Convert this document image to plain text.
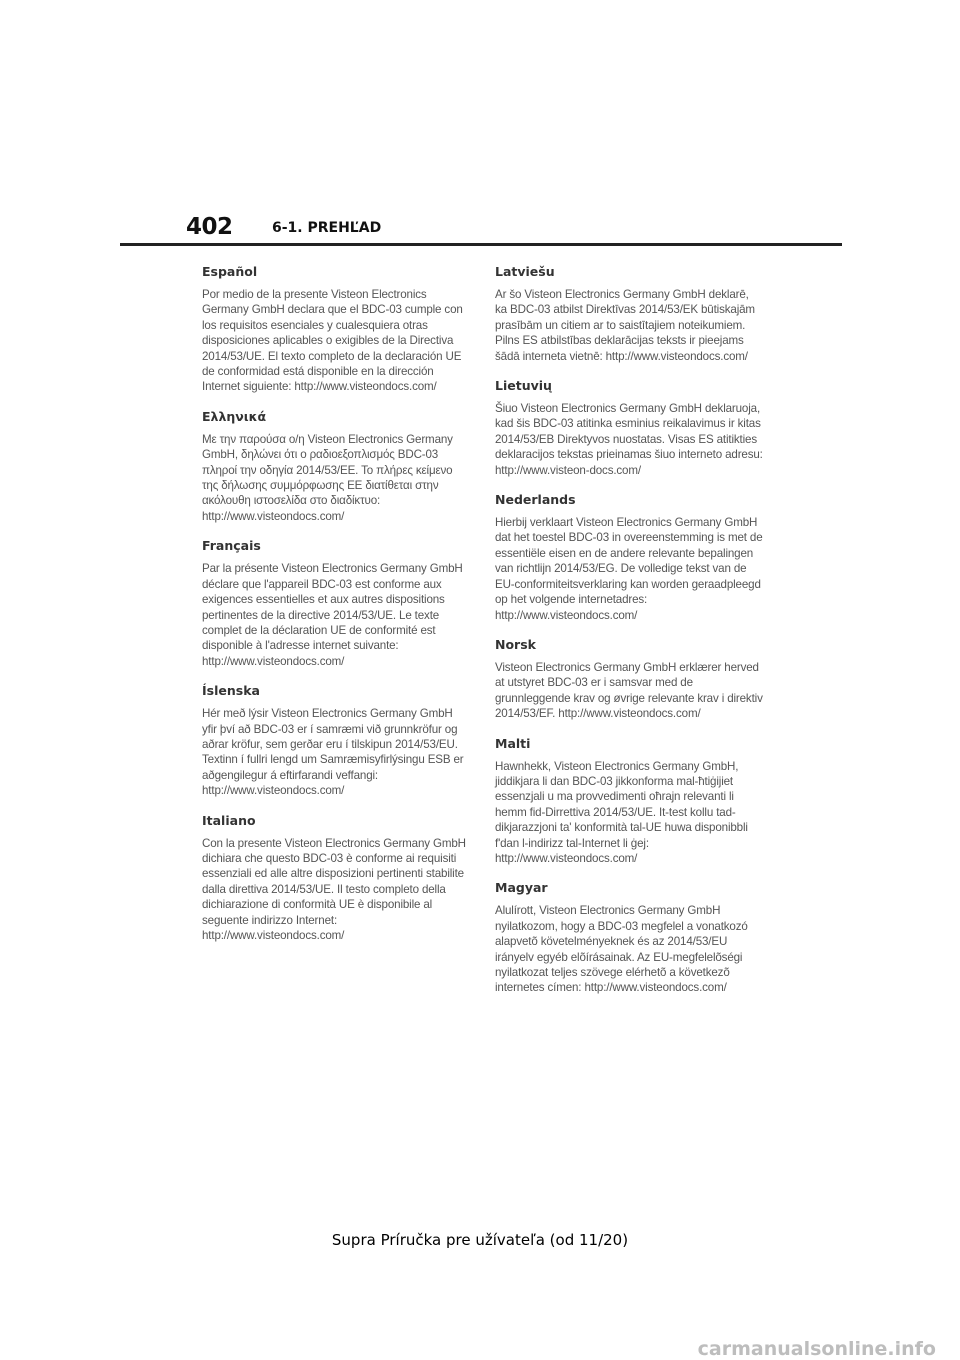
402	6-1. PREHĽAD
Español

Por medio de la presente Visteon Electronics Germany GmbH declara que el BDC-03 cumple con los requisitos esenciales y cualesquiera otras disposiciones aplicables o exigibles de la Directiva 2014/53/UE. El texto completo de la declaración UE de conformidad está disponible en la dirección Internet siguiente: http://www.visteondocs.com/

Ελληνικά

Με την παρούσα ο/η Visteon Electronics Germany GmbH, δηλώνει ότι ο ραδιοεξοπλισμός BDC-03 πληροί την οδηγία 2014/53/ΕΕ. Το πλήρες κείμενο της δήλωσης συμμόρφωσης ΕΕ διατίθεται στην ακόλουθη ιστοσελίδα στο διαδίκτυο: http://www.visteondocs.com/

Français

Par la présente Visteon Electronics Germany GmbH déclare que l'appareil BDC-03 est conforme aux exigences essentielles et aux autres dispositions pertinentes de la directive 2014/53/UE. Le texte complet de la déclaration UE de conformité est disponible à l'adresse internet suivante: http://www.visteondocs.com/

Íslenska

Hér með lýsir Visteon Electronics Germany GmbH yfir því að BDC-03 er í samræmi við grunnkröfur og aðrar kröfur, sem gerðar eru í tilskipun 2014/53/EU. Textinn í fullri lengd um Samræmisyfirlýsingu ESB er aðgengilegur á eftirfarandi veffangi: http://www.visteondocs.com/

Italiano

Con la presente Visteon Electronics Germany GmbH dichiara che questo BDC-03 è conforme ai requisiti essenziali ed alle altre disposizioni pertinenti stabilite dalla direttiva 2014/53/UE. Il testo completo della dichiarazione di conformità UE è disponibile al seguente indirizzo Internet: http://www.visteondocs.com/

Latviešu

Ar šo Visteon Electronics Germany GmbH deklarē, ka BDC-03 atbilst Direktīvas 2014/53/EK būtiskajām prasībām un citiem ar to saistītajiem noteikumiem. Pilns ES atbilstības deklarācijas teksts ir pieejams šādā interneta vietnē: http://www.visteondocs.com/

Lietuvių

Šiuo Visteon Electronics Germany GmbH deklaruoja, kad šis BDC-03 atitinka esminius reikalavimus ir kitas 2014/53/EB Direktyvos nuostatas. Visas ES atitikties deklaracijos tekstas prieinamas šiuo interneto adresu: http://www.visteon-docs.com/

Nederlands

Hierbij verklaart Visteon Electronics Germany GmbH dat het toestel BDC-03 in overeenstemming is met de essentiële eisen en de andere relevante bepalingen van richtlijn 2014/53/EG. De volledige tekst van de EU-conformiteitsverklaring kan worden geraadpleegd op het volgende internetadres: http://www.visteondocs.com/

Norsk

Visteon Electronics Germany GmbH erklærer herved at utstyret BDC-03 er i samsvar med de grunnleggende krav og øvrige relevante krav i direktiv 2014/53/EF. http://www.visteondocs.com/

Malti

Hawnhekk, Visteon Electronics Germany GmbH, jiddikjara li dan BDC-03 jikkonforma mal-ħtiġijiet essenzjali u ma provvedimenti oħrajn relevanti li hemm fid-Dirrettiva 2014/53/UE. It-test kollu tad-dikjarazzjoni ta' konformità tal-UE huwa disponibbli f'dan l-indirizz tal-Internet li ġej: http://www.visteondocs.com/

Magyar

Alulírott, Visteon Electronics Germany GmbH nyilatkozom, hogy a BDC-03 megfelel a vonatkozó alapvetõ követelményeknek és az 2014/53/EU irányelv egyéb elõírásainak. Az EU-megfelelõségi nyilatkozat teljes szövege elérhetõ a következõ internetes címen: http://www.visteondocs.com/

Supra Príručka pre užívateľa (od 11/20)
carmanualsonline.info
